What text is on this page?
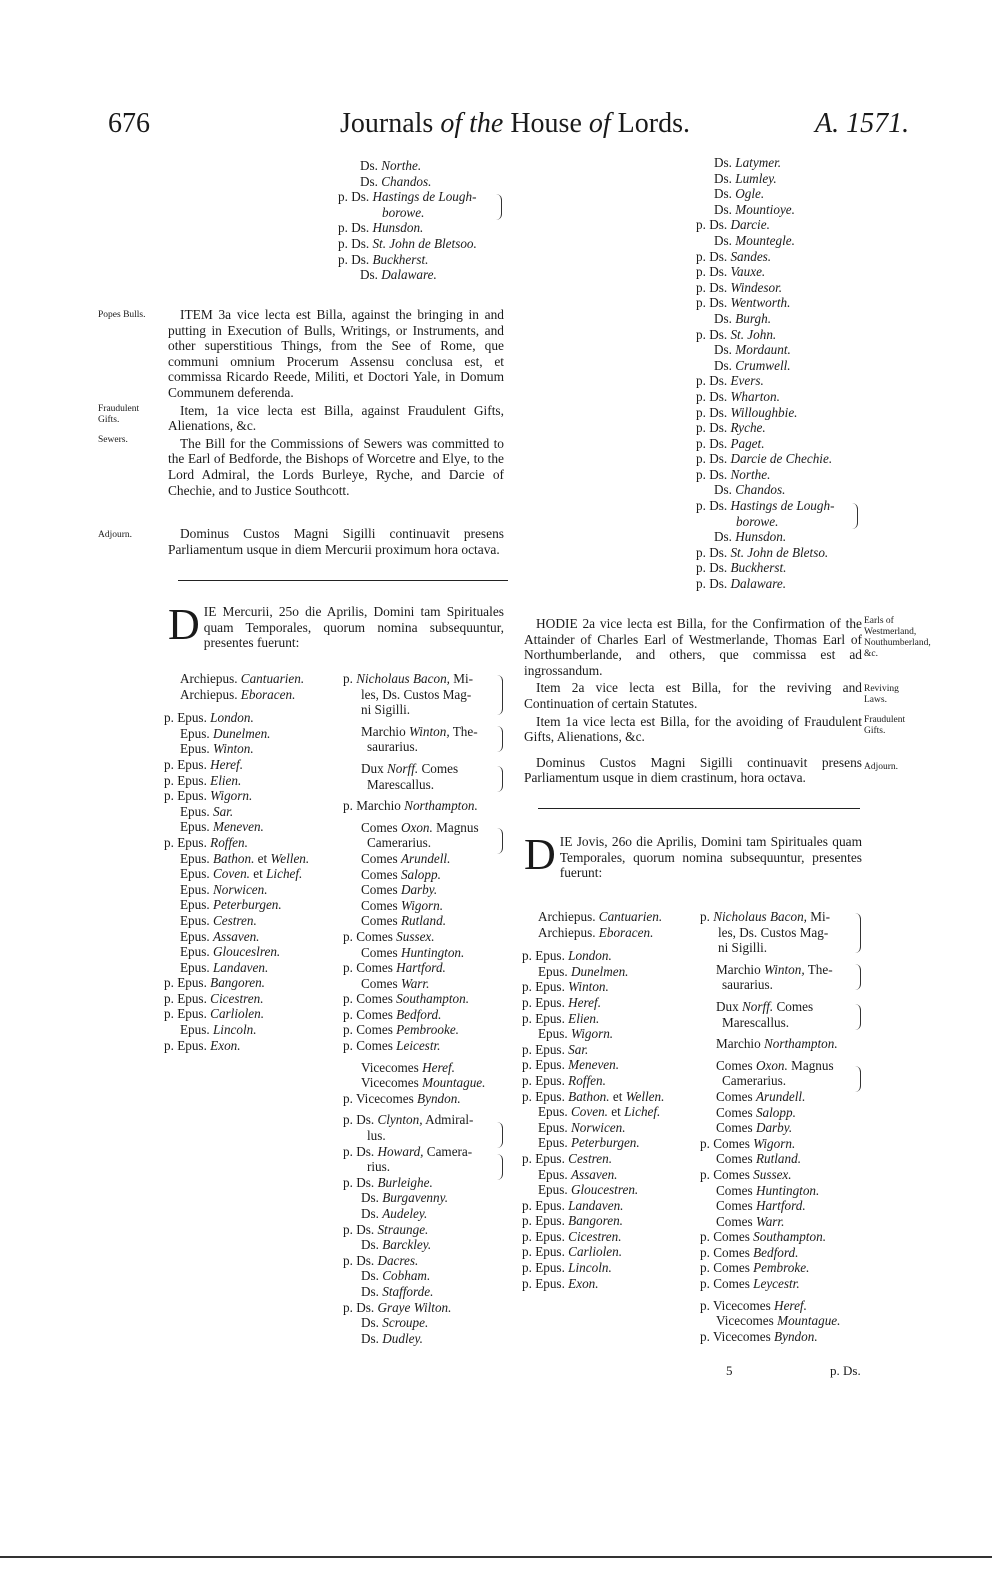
676	Journals of the House of Lords.	A. 1571.
Ds. Northe.
Ds. Chandos.
p. Ds. Hastings de Lough-
borowe.
p. Ds. Hunsdon.
p. Ds. St. John de Bletsoo.
p. Ds. Buckherst.
Ds. Dalaware.
Popes Bulls.
Fraudulent Gifts.
Sewers.
Adjourn.

ITEM 3a vice lecta est Billa, against the bringing in and putting in Execution of Bulls, Writings, or Instruments, and other superstitious Things, from the See of Rome, que communi omnium Procerum Assensu conclusa est, et commissa Ricardo Reede, Militi, et Doctori Yale, in Domum Communem deferenda.

Item, 1a vice lecta est Billa, against Fraudulent Gifts, Alienations, &c.

The Bill for the Commissions of Sewers was committed to the Earl of Bedforde, the Bishops of Worcetre and Elye, to the Lord Admiral, the Lords Burleye, Ryche, and Darcie of Chechie, and to Justice Southcott.

Dominus Custos Magni Sigilli continuavit presens Parliamentum usque in diem Mercurii proximum hora octava.

DIE Mercurii, 25o die Aprilis, Domini tam Spirituales quam Temporales, quorum nomina subsequuntur, presentes fuerunt:
Archiepus. Cantuarien.
Archiepus. Eboracen.
p. Epus. London.
Epus. Dunelmen.
Epus. Winton.
p. Epus. Heref.
p. Epus. Elien.
p. Epus. Wigorn.
Epus. Sar.
Epus. Meneven.
p. Epus. Roffen.
Epus. Bathon. et Wellen.
Epus. Coven. et Lichef.
Epus. Norwicen.
Epus. Peterburgen.
Epus. Cestren.
Epus. Assaven.
Epus. Glouceslren.
Epus. Landaven.
p. Epus. Bangoren.
p. Epus. Cicestren.
p. Epus. Carliolen.
Epus. Lincoln.
p. Epus. Exon.
p. Nicholaus Bacon, Mi-
les, Ds. Custos Mag-
ni Sigilli.
Marchio Winton, The-
saurarius.
Dux Norff. Comes
Marescallus.
p. Marchio Northampton.
Comes Oxon. Magnus
Camerarius.
Comes Arundell.
Comes Salopp.
Comes Darby.
Comes Wigorn.
Comes Rutland.
p. Comes Sussex.
Comes Huntington.
p. Comes Hartford.
Comes Warr.
p. Comes Southampton.
p. Comes Bedford.
p. Comes Pembrooke.
p. Comes Leicestr.
Vicecomes Heref.
Vicecomes Mountague.
p. Vicecomes Byndon.
p. Ds. Clynton, Admiral-
lus.
p. Ds. Howard, Camera-
rius.
p. Ds. Burleighe.
Ds. Burgavenny.
Ds. Audeley.
p. Ds. Straunge.
Ds. Barckley.
p. Ds. Dacres.
Ds. Cobham.
Ds. Stafforde.
p. Ds. Graye Wilton.
Ds. Scroupe.
Ds. Dudley.
Ds. Latymer.
Ds. Lumley.
Ds. Ogle.
Ds. Mountioye.
p. Ds. Darcie.
Ds. Mountegle.
p. Ds. Sandes.
p. Ds. Vauxe.
p. Ds. Windesor.
p. Ds. Wentworth.
Ds. Burgh.
p. Ds. St. John.
Ds. Mordaunt.
Ds. Crumwell.
p. Ds. Evers.
p. Ds. Wharton.
p. Ds. Willoughbie.
p. Ds. Ryche.
p. Ds. Paget.
p. Ds. Darcie de Chechie.
p. Ds. Northe.
Ds. Chandos.
p. Ds. Hastings de Lough-
borowe.
Ds. Hunsdon.
p. Ds. St. John de Bletso.
p. Ds. Buckherst.
p. Ds. Dalaware.

HODIE 2a vice lecta est Billa, for the Confirmation of the Attainder of Charles Earl of Westmerlande, Thomas Earl of Northumberlande, and others, que commissa est ad ingrossandum.

Item 2a vice lecta est Billa, for the reviving and Continuation of certain Statutes.

Item 1a vice lecta est Billa, for the avoiding of Fraudulent Gifts, Alienations, &c.

Dominus Custos Magni Sigilli continuavit presens Parliamentum usque in diem crastinum, hora octava.

Earls of Westmerland, Nouthumberland, &c.
Reviving Laws.
Fraudulent Gifts.
Adjourn.
DIE Jovis, 26o die Aprilis, Domini tam Spirituales quam Temporales, quorum nomina subsequuntur, presentes fuerunt:
Archiepus. Cantuarien.
Archiepus. Eboracen.
p. Epus. London.
Epus. Dunelmen.
p. Epus. Winton.
p. Epus. Heref.
p. Epus. Elien.
Epus. Wigorn.
p. Epus. Sar.
p. Epus. Meneven.
p. Epus. Roffen.
p. Epus. Bathon. et Wellen.
Epus. Coven. et Lichef.
Epus. Norwicen.
Epus. Peterburgen.
p. Epus. Cestren.
Epus. Assaven.
Epus. Gloucestren.
p. Epus. Landaven.
p. Epus. Bangoren.
p. Epus. Cicestren.
p. Epus. Carliolen.
p. Epus. Lincoln.
p. Epus. Exon.
p. Nicholaus Bacon, Mi-
les, Ds. Custos Mag-
ni Sigilli.
Marchio Winton, The-
saurarius.
Dux Norff. Comes
Marescallus.
Marchio Northampton.
Comes Oxon. Magnus
Camerarius.
Comes Arundell.
Comes Salopp.
Comes Darby.
p. Comes Wigorn.
Comes Rutland.
p. Comes Sussex.
Comes Huntington.
Comes Hartford.
Comes Warr.
p. Comes Southampton.
p. Comes Bedford.
p. Comes Pembroke.
p. Comes Leycestr.
p. Vicecomes Heref.
Vicecomes Mountague.
p. Vicecomes Byndon.
5	p. Ds.
